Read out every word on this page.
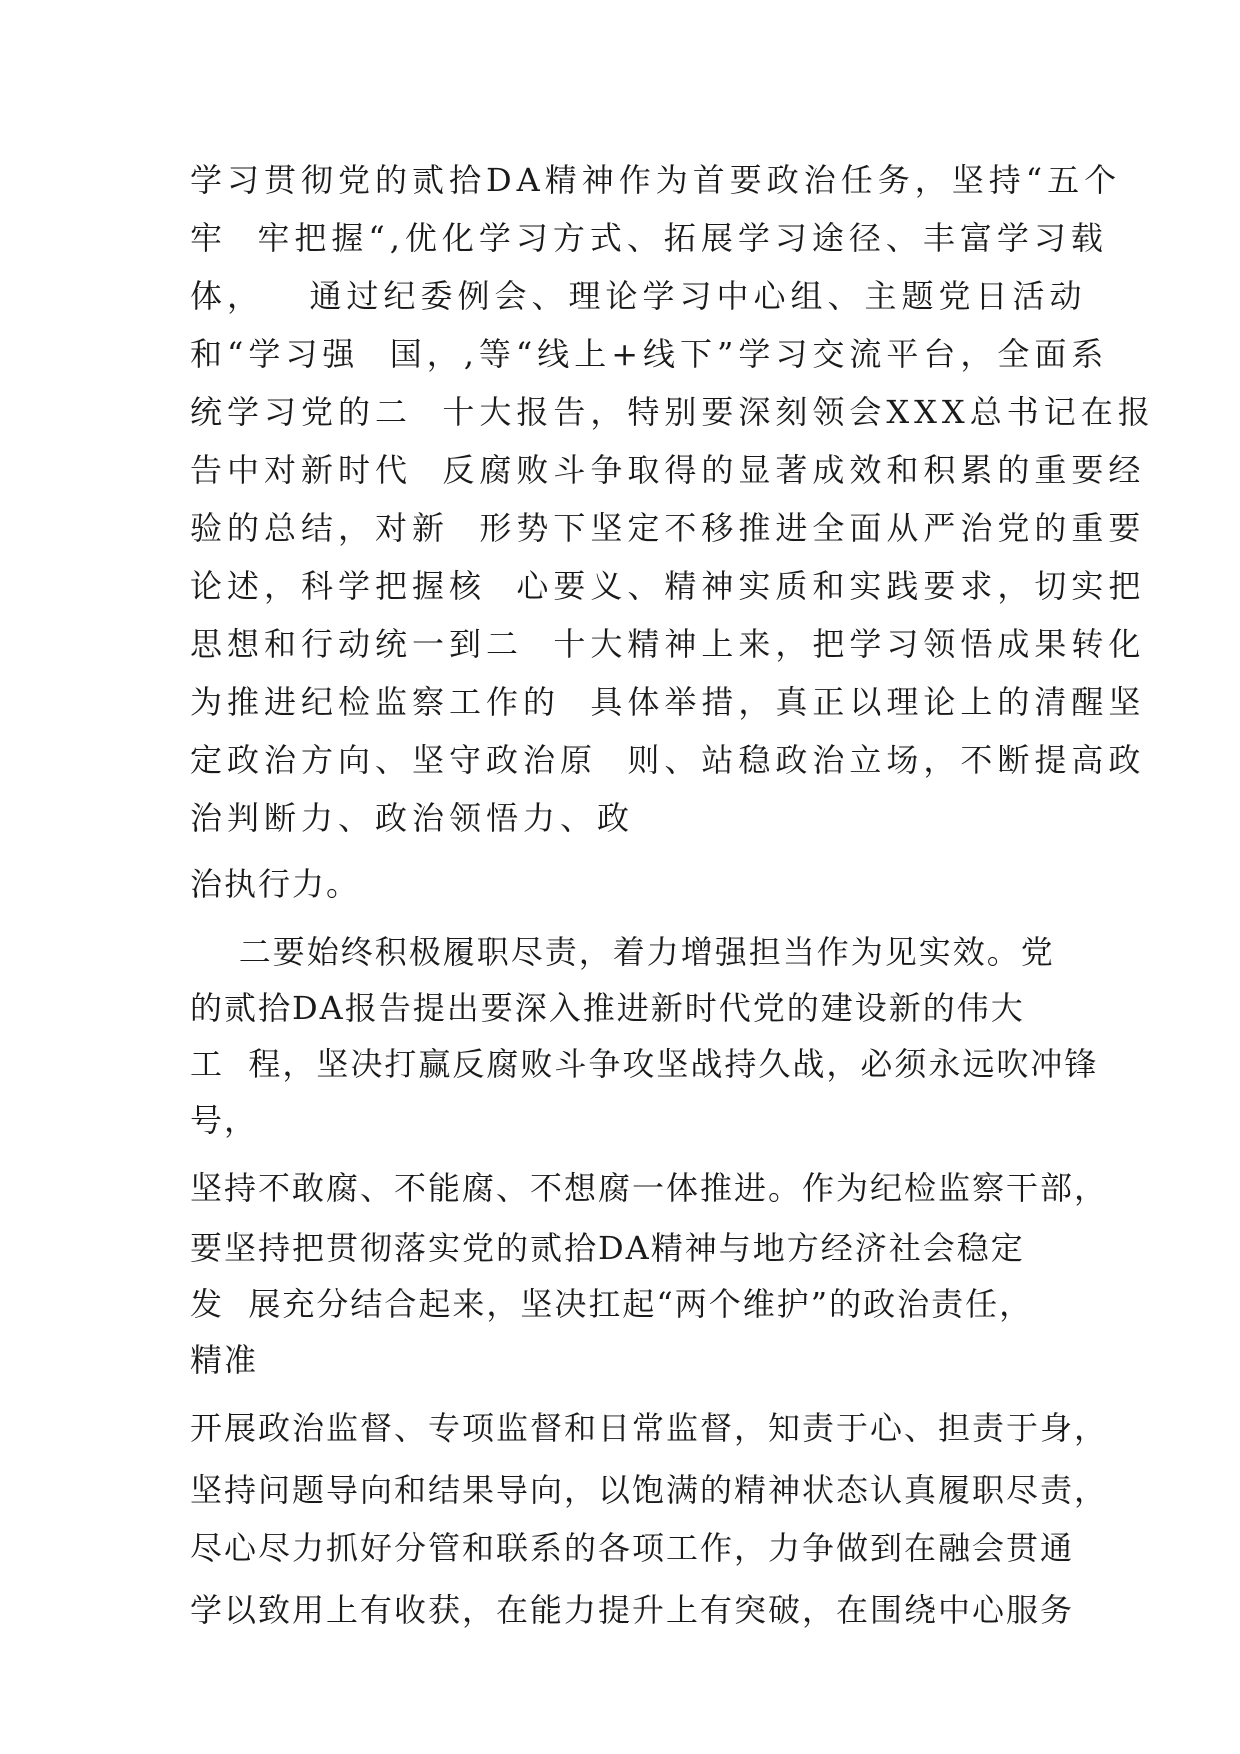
学习贯彻党的贰拾DA精神作为首要政治任务，坚持“五个
牢  牢把握“,优化学习方式、拓展学习途径、丰富学习载
体，   通过纪委例会、理论学习中心组、主题党日活动
和“学习强  国，,等“线上+线下”学习交流平台，全面系
统学习党的二  十大报告，特别要深刻领会XXX总书记在报
告中对新时代  反腐败斗争取得的显著成效和积累的重要经
验的总结，对新  形势下坚定不移推进全面从严治党的重要
论述，科学把握核  心要义、精神实质和实践要求，切实把
思想和行动统一到二  十大精神上来，把学习领悟成果转化
为推进纪检监察工作的  具体举措，真正以理论上的清醒坚
定政治方向、坚守政治原  则、站稳政治立场，不断提高政
治判断力、政治领悟力、政
治执行力。
二要始终积极履职尽责，着力增强担当作为见实效。党
的贰拾DA报告提出要深入推进新时代党的建设新的伟大
工  程，坚决打赢反腐败斗争攻坚战持久战，必须永远吹冲锋
号，
坚持不敢腐、不能腐、不想腐一体推进。作为纪检监察干部，
要坚持把贯彻落实党的贰拾DA精神与地方经济社会稳定
发  展充分结合起来，坚决扛起“两个维护”的政治责任，
精准
开展政治监督、专项监督和日常监督，知责于心、担责于身，
坚持问题导向和结果导向，以饱满的精神状态认真履职尽责，
尽心尽力抓好分管和联系的各项工作，力争做到在融会贯通
学以致用上有收获，在能力提升上有突破，在围绕中心服务
